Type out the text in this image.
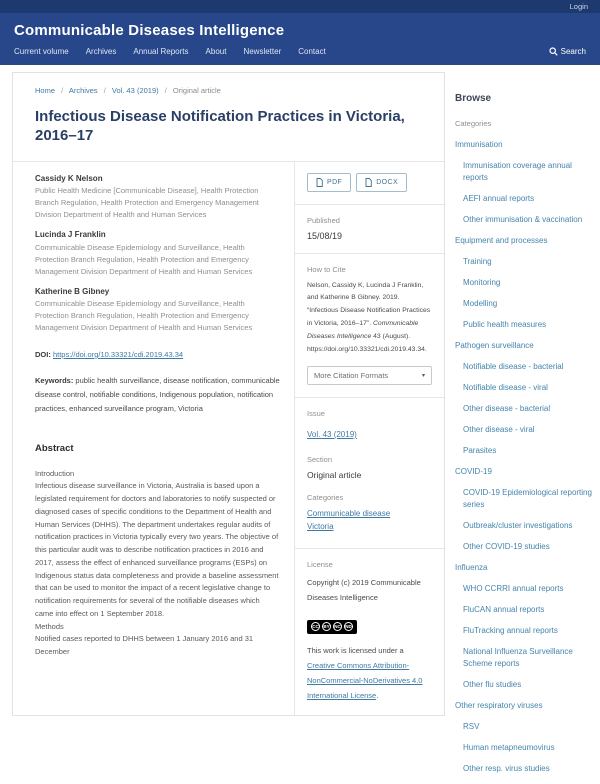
Login
Communicable Diseases Intelligence
Current volume Archives Annual Reports About Newsletter Contact	Search
Home / Archives / Vol. 43 (2019) / Original article
Infectious Disease Notification Practices in Victoria, 2016–17
Cassidy K Nelson
Public Health Medicine [Communicable Disease], Health Protection Branch Regulation, Health Protection and Emergency Management Division Department of Health and Human Services
Lucinda J Franklin
Communicable Disease Epidemiology and Surveillance, Health Protection Branch Regulation, Health Protection and Emergency Management Division Department of Health and Human Services
Katherine B Gibney
Communicable Disease Epidemiology and Surveillance, Health Protection Branch Regulation, Health Protection and Emergency Management Division Department of Health and Human Services
DOI: https://doi.org/10.33321/cdi.2019.43.34
Keywords: public health surveillance, disease notification, communicable disease control, notifiable conditions, Indigenous population, notification practices, enhanced surveillance program, Victoria
Abstract
Introduction
Infectious disease surveillance in Victoria, Australia is based upon a legislated requirement for doctors and laboratories to notify suspected or diagnosed cases of specific conditions to the Department of Health and Human Services (DHHS). The department undertakes regular audits of notification practices in Victoria typically every two years. The objective of this particular audit was to describe notification practices in 2016 and 2017, assess the effect of enhanced surveillance programs (ESPs) on Indigenous status data completeness and provide a baseline assessment that can be used to monitor the impact of a recent legislative change to notification requirements for several of the notifiable diseases which came into effect on 1 September 2018.
Methods
Notified cases reported to DHHS between 1 January 2016 and 31 December
PDF	DOCX
Published
15/08/19
How to Cite
Nelson, Cassidy K, Lucinda J Franklin, and Katherine B Gibney. 2019. “Infectious Disease Notification Practices in Victoria, 2016–17”. Communicable Diseases Intelligence 43 (August). https://doi.org/10.33321/cdi.2019.43.34.
More Citation Formats	▾
Issue
Vol. 43 (2019)
Section
Original article
Categories
Communicable disease
Victoria
License
Copyright (c) 2019 Communicable Diseases Intelligence
CC	BY	NC ND
This work is licensed under a Creative Commons Attribution-NonCommercial-NoDerivatives 4.0 International License.
Browse
Categories
Immunisation
Immunisation coverage annual reports
AEFI annual reports
Other immunisation & vaccination
Equipment and processes
Training
Monitoring
Modelling
Public health measures
Pathogen surveillance
Notifiable disease - bacterial
Notifiable disease - viral
Other disease - bacterial
Other disease - viral
Parasites
COVID-19
COVID-19 Epidemiological reporting series
Outbreak/cluster investigations
Other COVID-19 studies
Influenza
WHO CCRRI annual reports
FluCAN annual reports
FluTracking annual reports
National Influenza Surveillance Scheme reports
Other flu studies
Other respiratory viruses
RSV
Human metapneumovirus
Other resp. virus studies
